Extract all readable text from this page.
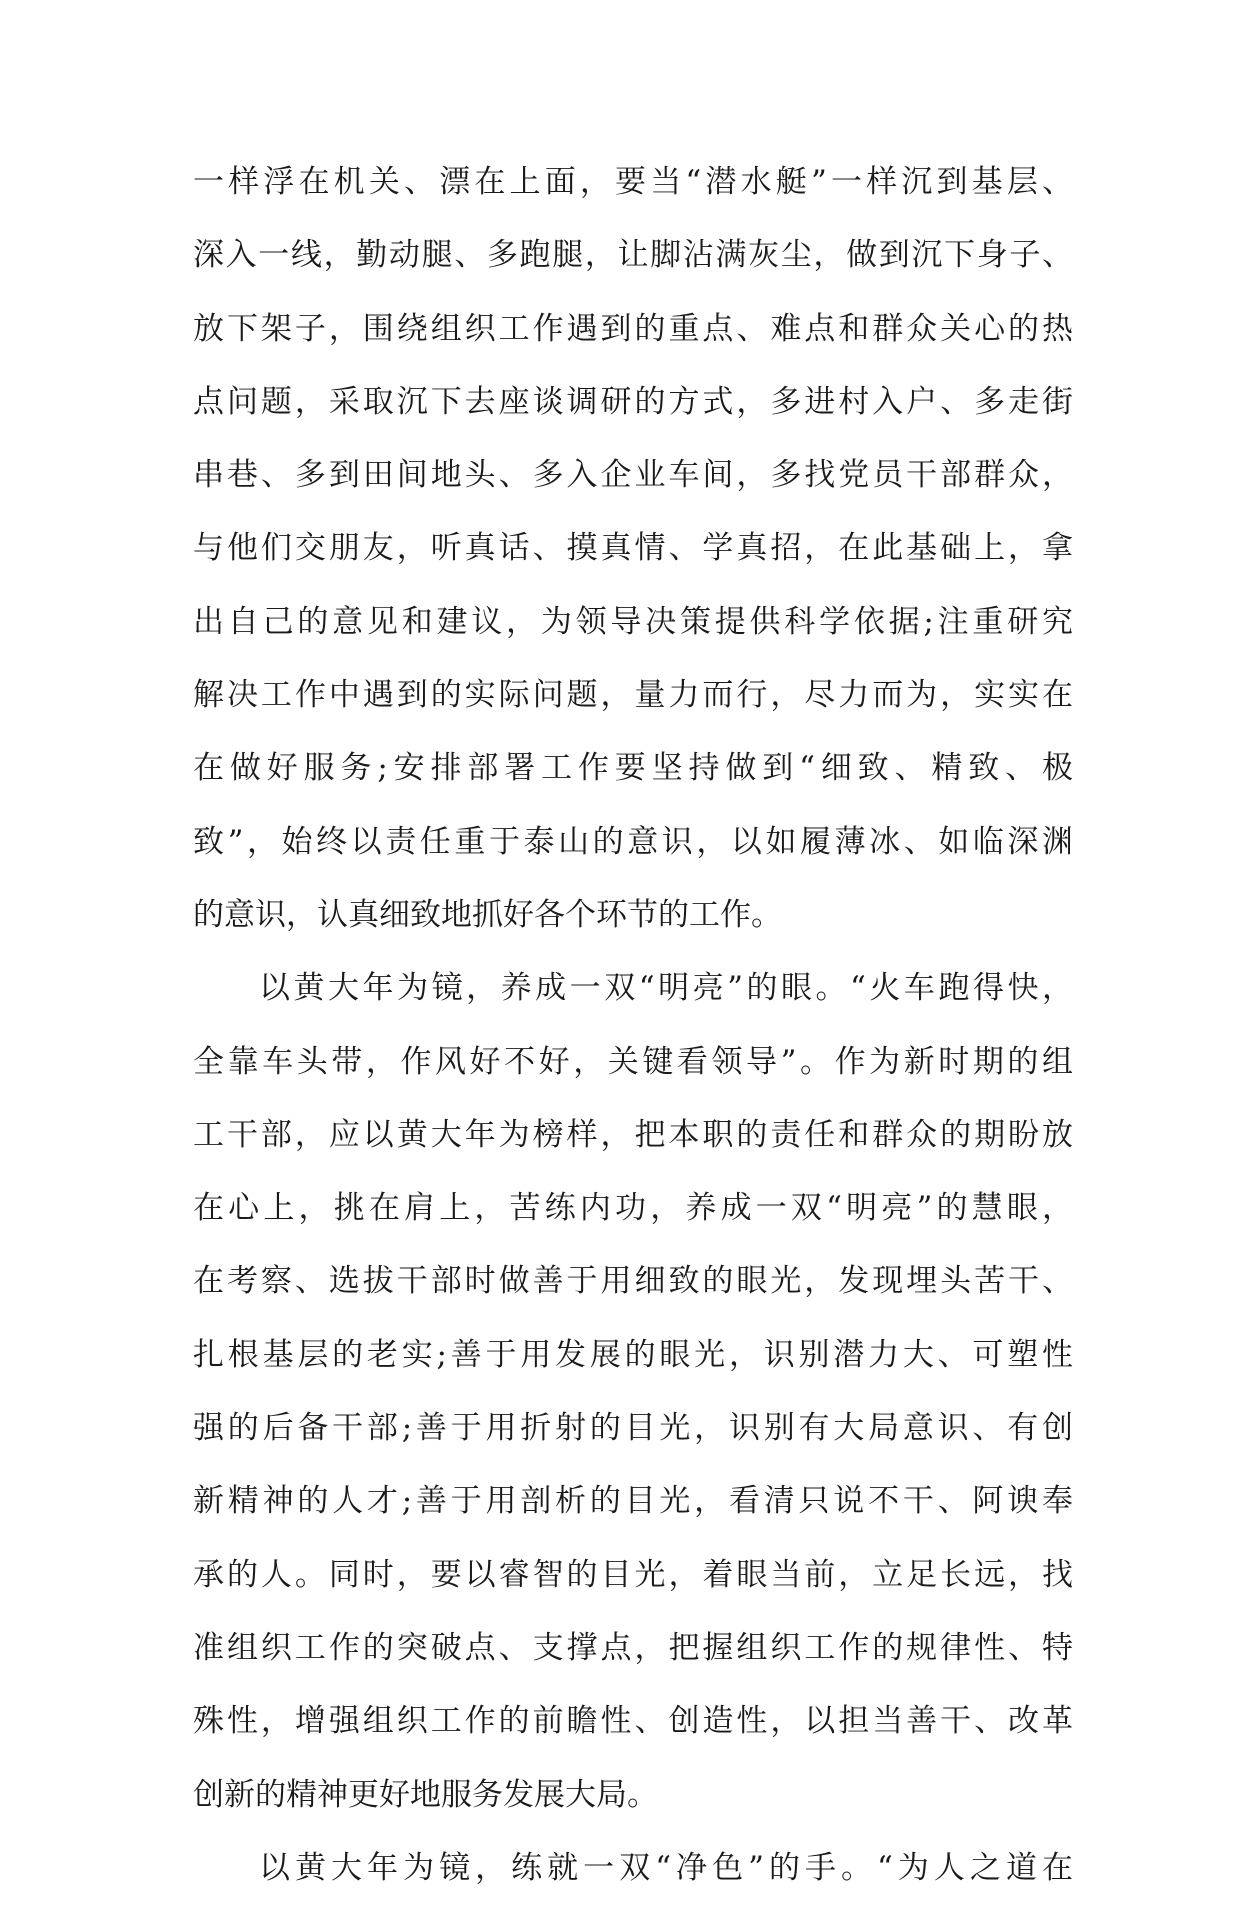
一样浮在机关、漂在上面，要当“潜水艇”一样沉到基层、
深入一线，勤动腿、多跑腿，让脚沾满灰尘，做到沉下身子、
放下架子，围绕组织工作遇到的重点、难点和群众关心的热
点问题，采取沉下去座谈调研的方式，多进村入户、多走街
串巷、多到田间地头、多入企业车间，多找党员干部群众，
与他们交朋友，听真话、摸真情、学真招，在此基础上，拿
出自己的意见和建议，为领导决策提供科学依据;注重研究
解决工作中遇到的实际问题，量力而行，尽力而为，实实在
在做好服务;安排部署工作要坚持做到“细致、精致、极
致”，始终以责任重于泰山的意识，以如履薄冰、如临深渊
的意识，认真细致地抓好各个环节的工作。
以黄大年为镜，养成一双“明亮”的眼。“火车跑得快，
全靠车头带，作风好不好，关键看领导”。作为新时期的组
工干部，应以黄大年为榜样，把本职的责任和群众的期盼放
在心上，挑在肩上，苦练内功，养成一双“明亮”的慧眼，
在考察、选拔干部时做善于用细致的眼光，发现埋头苦干、
扎根基层的老实;善于用发展的眼光，识别潜力大、可塑性
强的后备干部;善于用折射的目光，识别有大局意识、有创
新精神的人才;善于用剖析的目光，看清只说不干、阿谀奉
承的人。同时，要以睿智的目光，着眼当前，立足长远，找
准组织工作的突破点、支撑点，把握组织工作的规律性、特
殊性，增强组织工作的前瞻性、创造性，以担当善干、改革
创新的精神更好地服务发展大局。
以黄大年为镜，练就一双“净色”的手。“为人之道在
